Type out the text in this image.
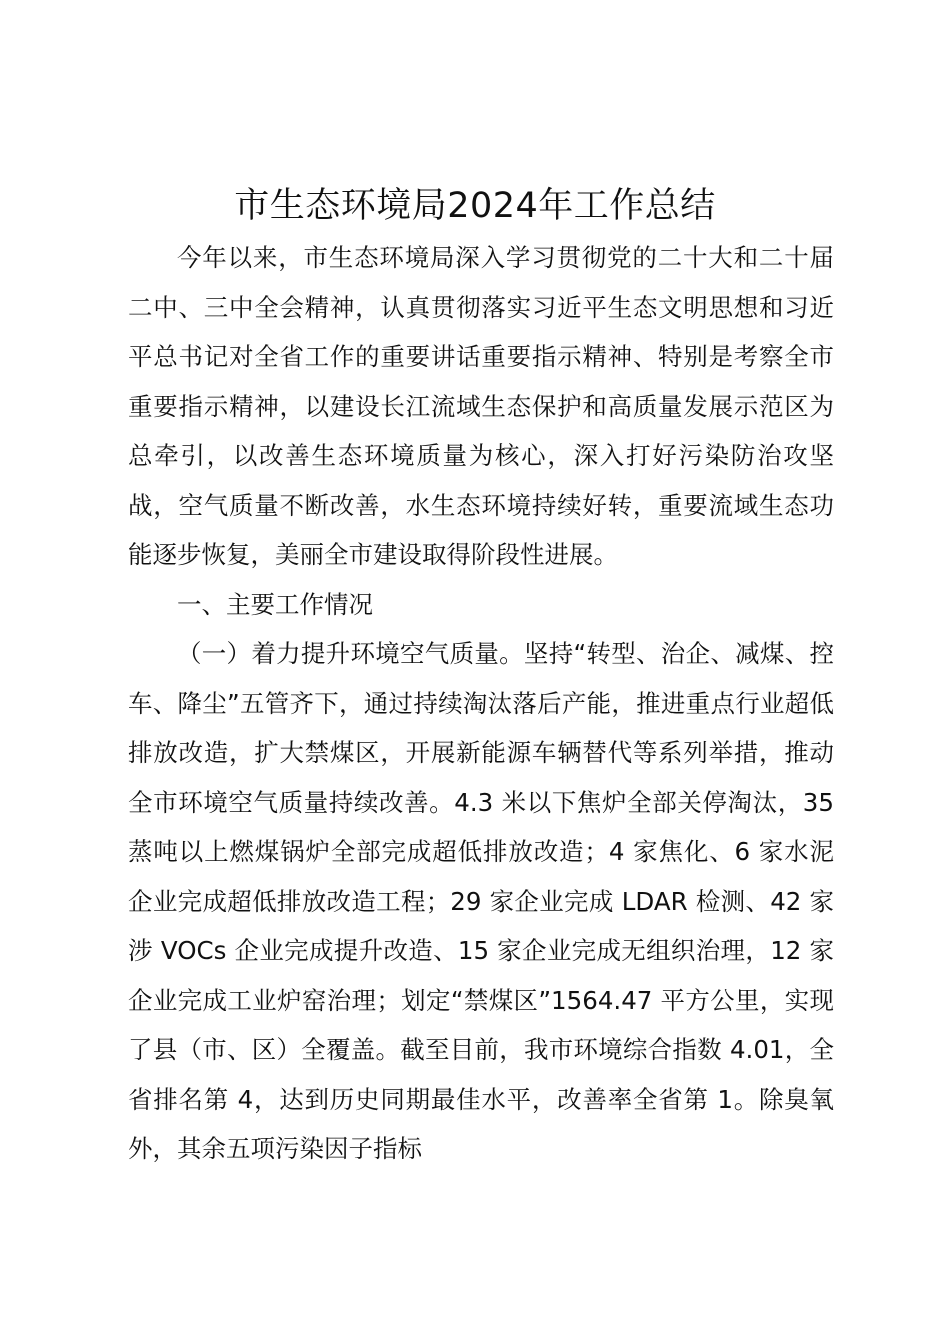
市生态环境局2024年工作总结

今年以来，市生态环境局深入学习贯彻党的二十大和二十届二中、三中全会精神，认真贯彻落实习近平生态文明思想和习近平总书记对全省工作的重要讲话重要指示精神、特别是考察全市重要指示精神，以建设长江流域生态保护和高质量发展示范区为总牵引，以改善生态环境质量为核心，深入打好污染防治攻坚战，空气质量不断改善，水生态环境持续好转，重要流域生态功能逐步恢复，美丽全市建设取得阶段性进展。

一、主要工作情况

（一）着力提升环境空气质量。坚持“转型、治企、减煤、控车、降尘”五管齐下，通过持续淘汰落后产能，推进重点行业超低排放改造，扩大禁煤区，开展新能源车辆替代等系列举措，推动全市环境空气质量持续改善。4.3 米以下焦炉全部关停淘汰，35 蒸吨以上燃煤锅炉全部完成超低排放改造；4 家焦化、6 家水泥企业完成超低排放改造工程；29 家企业完成 LDAR 检测、42 家涉 VOCs 企业完成提升改造、15 家企业完成无组织治理，12 家企业完成工业炉窑治理；划定“禁煤区”1564.47 平方公里，实现了县（市、区）全覆盖。截至目前，我市环境综合指数 4.01，全省排名第 4，达到历史同期最佳水平，改善率全省第 1。除臭氧外，其余五项污染因子指标
